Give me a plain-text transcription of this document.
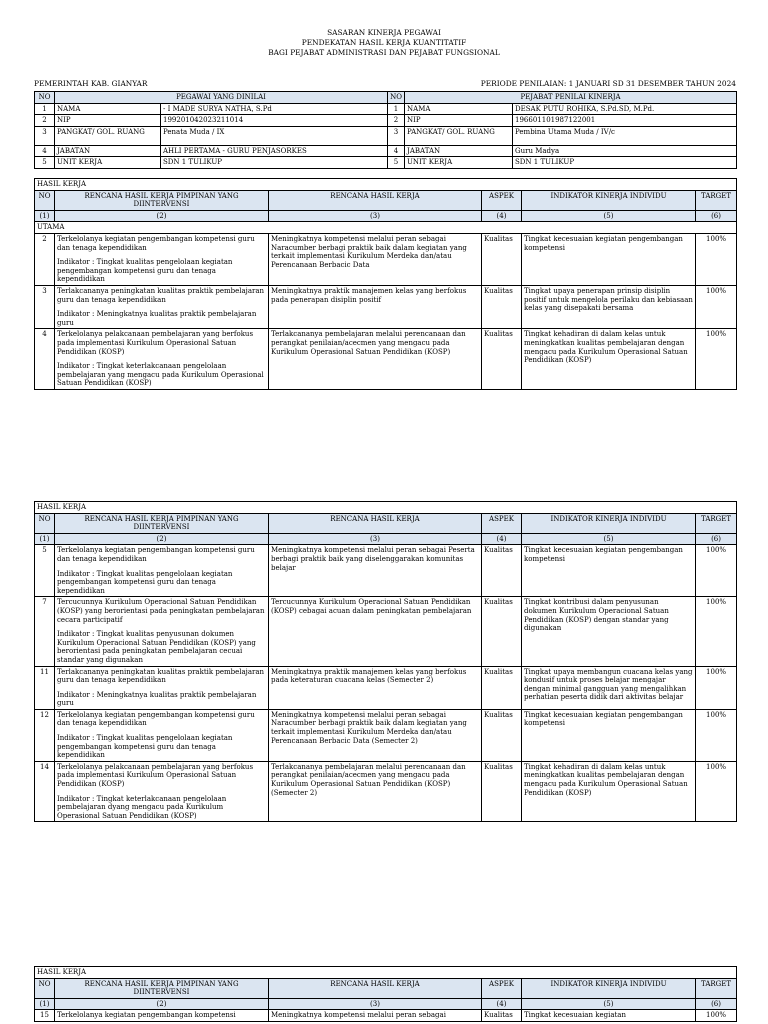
SASARAN KINERJA PEGAWAI
PENDEKATAN HASIL KERJA KUANTITATIF
BAGI PEJABAT ADMINISTRASI DAN PEJABAT FUNGSIONAL
PEMERINTAH KAB. GIANYAR	PERIODE PENILAIAN: 1 JANUARI SD 31 DESEMBER TAHUN 2024
NO	PEGAWAI YANG DINILAI		NO	PEJABAT PENILAI KINERJA	
1	NAMA	- I MADE SURYA NATHA, S.Pd	1	NAMA	DESAK PUTU ROHIKA, S.Pd.SD, M.Pd.
2	NIP	199201042023211014	2	NIP	196601101987122001
3	PANGKAT/ GOL. RUANG	Penata Muda / IX	3	PANGKAT/ GOL. RUANG	Pembina Utama Muda / IV/c
4	JABATAN	AHLI PERTAMA - GURU PENJASORKES	4	JABATAN	Guru Madya
5	UNIT KERJA	SDN 1 TULIKUP	5	UNIT KERJA	SDN 1 TULIKUP
HASIL KERJA					
NO	RENCANA HASIL KERJA PIMPINAN YANG DIINTERVENSI	RENCANA HASIL KERJA	ASPEK	INDIKATOR KINERJA INDIVIDU	TARGET
(1)	(2)	(3)	(4)	(5)	(6)
UTAMA					
2	Terkelolanya kegiatan pengembangan kompetensi guru dan tenaga kependidikan
Indikator : Tingkat kualitas pengelolaan kegiatan pengembangan kompetensi guru dan tenaga kependidikan	Meningkatnya kompetensi melalui peran sebagai Naracumber berbagi praktik baik dalam kegiatan yang terkait implementasi Kurikulum Merdeka dan/atau Perencanaan Berbacic Data	Kualitas	Tingkat kecesuaian kegiatan pengembangan kompetensi	100%
3	Terlakcananya peningkatan kualitas praktik pembelajaran guru dan tenaga kependidikan
Indikator : Meningkatnya kualitas praktik pembelajaran guru	Meningkatnya praktik manajemen kelas yang berfokus pada penerapan disiplin positif	Kualitas	Tingkat upaya penerapan prinsip disiplin positif untuk mengelola perilaku dan kebiasaan kelas yang disepakati bersama	100%
4	Terkelolanya pelakcanaan pembelajaran yang berfokus pada implementasi Kurikulum Operasional Satuan Pendidikan (KOSP)
Indikator : Tingkat keterlakcanaan pengelolaan pembelajaran yang mengacu pada Kurikulum Operasional Satuan Pendidikan (KOSP)	Terlakcananya pembelajaran melalui perencanaan dan perangkat penilaian/acecmen yang mengacu pada Kurikulum Operasional Satuan Pendidikan (KOSP)	Kualitas	Tingkat kehadiran di dalam kelas untuk meningkatkan kualitas pembelajaran dengan mengacu pada Kurikulum Operasional Satuan Pendidikan (KOSP)	100%
HASIL KERJA					
NO	RENCANA HASIL KERJA PIMPINAN YANG DIINTERVENSI	RENCANA HASIL KERJA	ASPEK	INDIKATOR KINERJA INDIVIDU	TARGET
(1)	(2)	(3)	(4)	(5)	(6)
5	Terkelolanya kegiatan pengembangan kompetensi guru dan tenaga kependidikan
Indikator : Tingkat kualitas pengelolaan kegiatan pengembangan kompetensi guru dan tenaga kependidikan	Meningkatnya kompetensi melalui peran sebagai Peserta berbagi praktik baik yang diselenggarakan komunitas belajar	Kualitas	Tingkat kecesuaian kegiatan pengembangan kompetensi	100%
7	Tercucunnya Kurikulum Operacional Satuan Pendidikan (KOSP) yang berorientasi pada peningkatan pembelajaran cecara participatif
Indikator : Tingkat kualitas penyusunan dokumen Kurikulum Operacional Satuan Pendidikan (KOSP) yang berorientasi pada peningkatan pembelajaran cecuai standar yang digunakan	Tercucunnya Kurikulum Operacional Satuan Pendidikan (KOSP) cebagai acuan dalam peningkatan pembelajaran	Kualitas	Tingkat kontribusi dalam penyusunan dokumen Kurikulum Operacional Satuan Pendidikan (KOSP) dengan standar yang digunakan	100%
11	Terlakcananya peningkatan kualitas praktik pembelajaran guru dan tenaga kependidikan
Indikator : Meningkatnya kualitas praktik pembelajaran guru	Meningkatnya praktik manajemen kelas yang berfokus pada keteraturan cuacana kelas (Semecter 2)	Kualitas	Tingkat upaya membangun cuacana kelas yang kondusif untuk proses belajar mengajar dengan minimal gangguan yang mengalihkan perhatian peserta didik dari aktivitas belajar	100%
12	Terkelolanya kegiatan pengembangan kompetensi guru dan tenaga kependidikan
Indikator : Tingkat kualitas pengelolaan kegiatan pengembangan kompetensi guru dan tenaga kependidikan	Meningkatnya kompetensi melalui peran sebagai Naracumber berbagi praktik baik dalam kegiatan yang terkait implementasi Kurikulum Merdeka dan/atau Perencanaan Berbacic Data (Semecter 2)	Kualitas	Tingkat kecesuaian kegiatan pengembangan kompetensi	100%
14	Terkelolanya pelakcanaan pembelajaran yang berfokus pada implementasi Kurikulum Operasional Satuan Pendidikan (KOSP)
Indikator : Tingkat keterlakcanaan pengelolaan pembelajaran dyang mengacu pada Kurikulum Operasional Satuan Pendidikan (KOSP)	Terlakcananya pembelajaran melalui perencanaan dan perangkat penilaian/acecmen yang mengacu pada Kurikulum Operasional Satuan Pendidikan (KOSP) (Semecter 2)	Kualitas	Tingkat kehadiran di dalam kelas untuk meningkatkan kualitas pembelajaran dengan mengacu pada Kurikulum Operasional Satuan Pendidikan (KOSP)	100%
HASIL KERJA					
NO	RENCANA HASIL KERJA PIMPINAN YANG DIINTERVENSI	RENCANA HASIL KERJA	ASPEK	INDIKATOR KINERJA INDIVIDU	TARGET
(1)	(2)	(3)	(4)	(5)	(6)
15	Terkelolanya kegiatan pengembangan kompetensi	Meningkatnya kompetensi melalui peran sebagai	Kualitas	Tingkat kecesuaian kegiatan	100%
